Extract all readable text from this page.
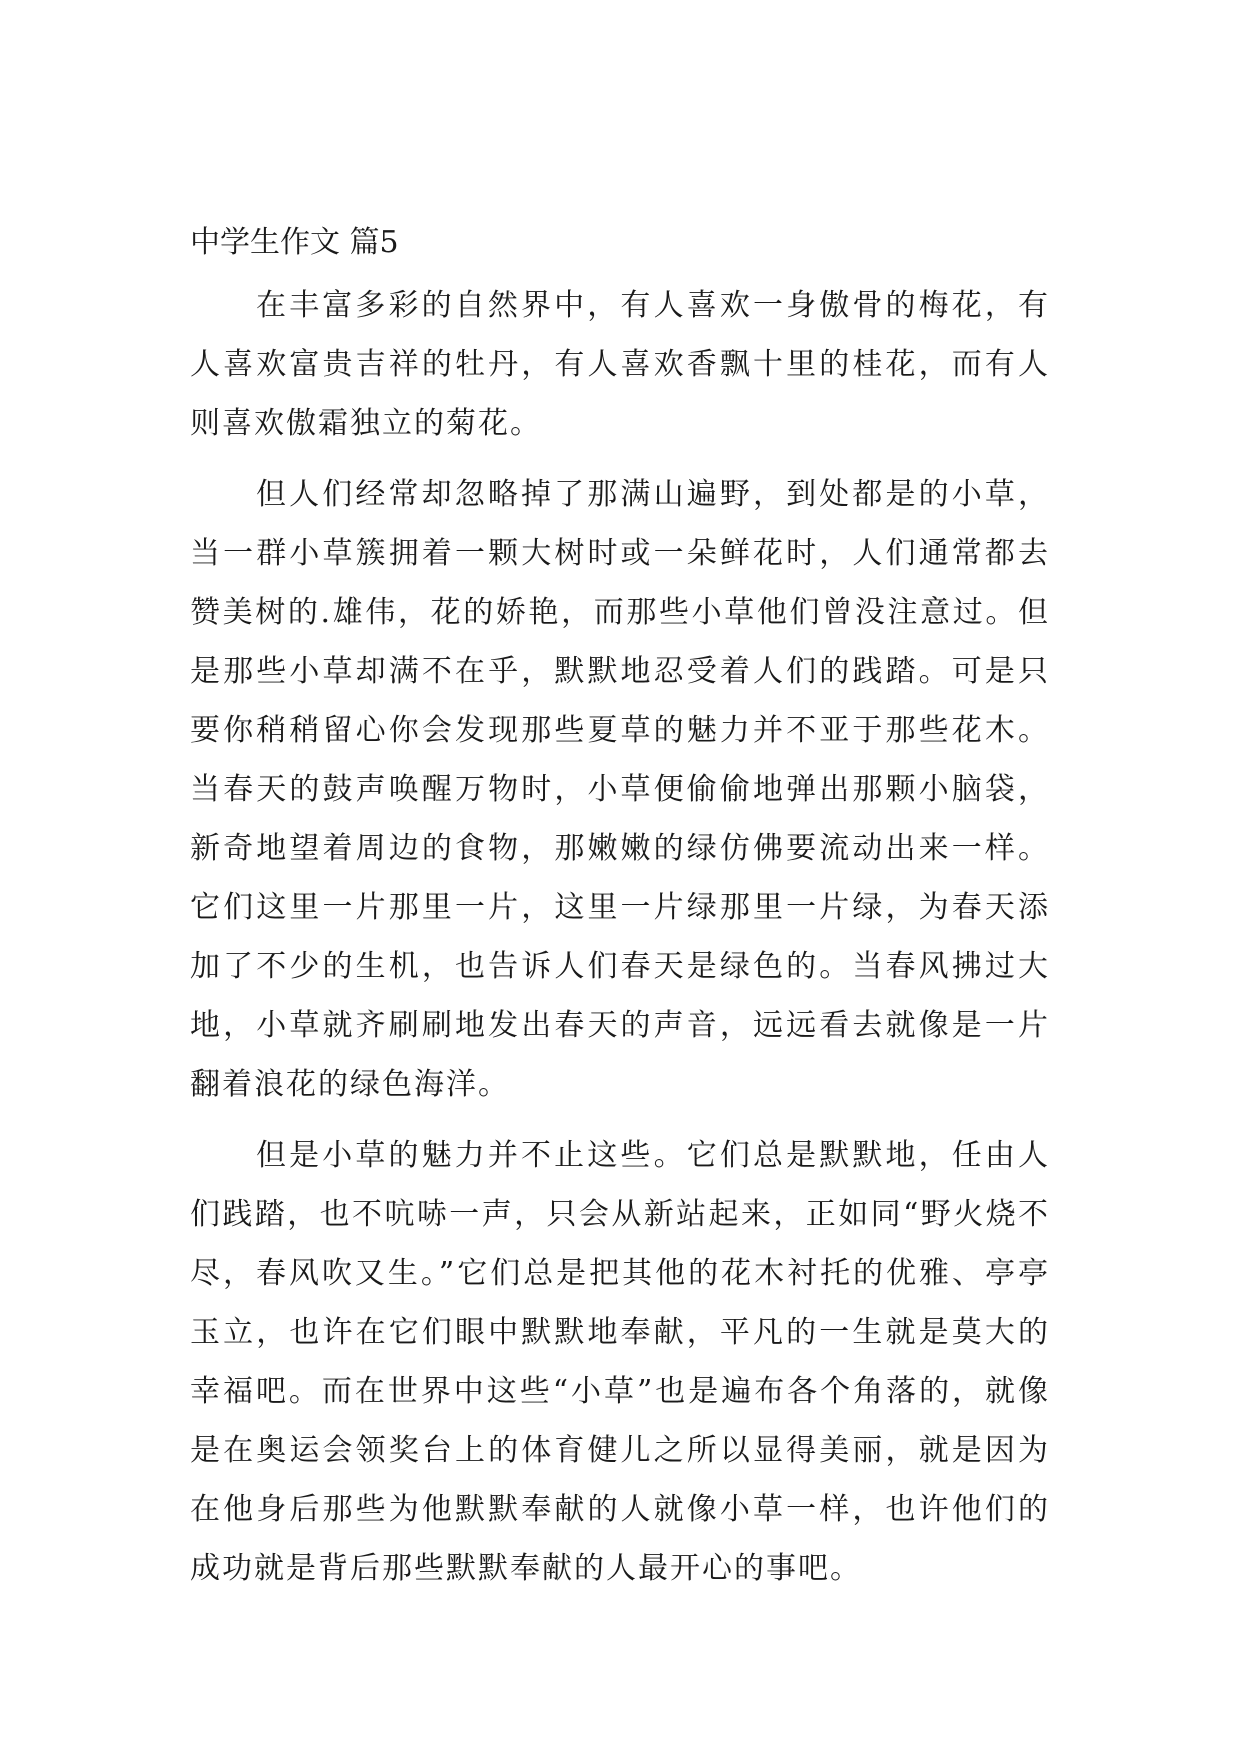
中学生作文 篇5

在丰富多彩的自然界中，有人喜欢一身傲骨的梅花，有人喜欢富贵吉祥的牡丹，有人喜欢香飘十里的桂花，而有人则喜欢傲霜独立的菊花。

但人们经常却忽略掉了那满山遍野，到处都是的小草，当一群小草簇拥着一颗大树时或一朵鲜花时，人们通常都去赞美树的.雄伟，花的娇艳，而那些小草他们曾没注意过。但是那些小草却满不在乎，默默地忍受着人们的践踏。可是只要你稍稍留心你会发现那些夏草的魅力并不亚于那些花木。当春天的鼓声唤醒万物时，小草便偷偷地弹出那颗小脑袋，新奇地望着周边的食物，那嫩嫩的绿仿佛要流动出来一样。它们这里一片那里一片，这里一片绿那里一片绿，为春天添加了不少的生机，也告诉人们春天是绿色的。当春风拂过大地，小草就齐刷刷地发出春天的声音，远远看去就像是一片翻着浪花的绿色海洋。

但是小草的魅力并不止这些。它们总是默默地，任由人们践踏，也不吭哧一声，只会从新站起来，正如同“野火烧不尽，春风吹又生。”它们总是把其他的花木衬托的优雅、亭亭玉立，也许在它们眼中默默地奉献，平凡的一生就是莫大的幸福吧。而在世界中这些“小草”也是遍布各个角落的，就像是在奥运会领奖台上的体育健儿之所以显得美丽，就是因为在他身后那些为他默默奉献的人就像小草一样，也许他们的成功就是背后那些默默奉献的人最开心的事吧。
